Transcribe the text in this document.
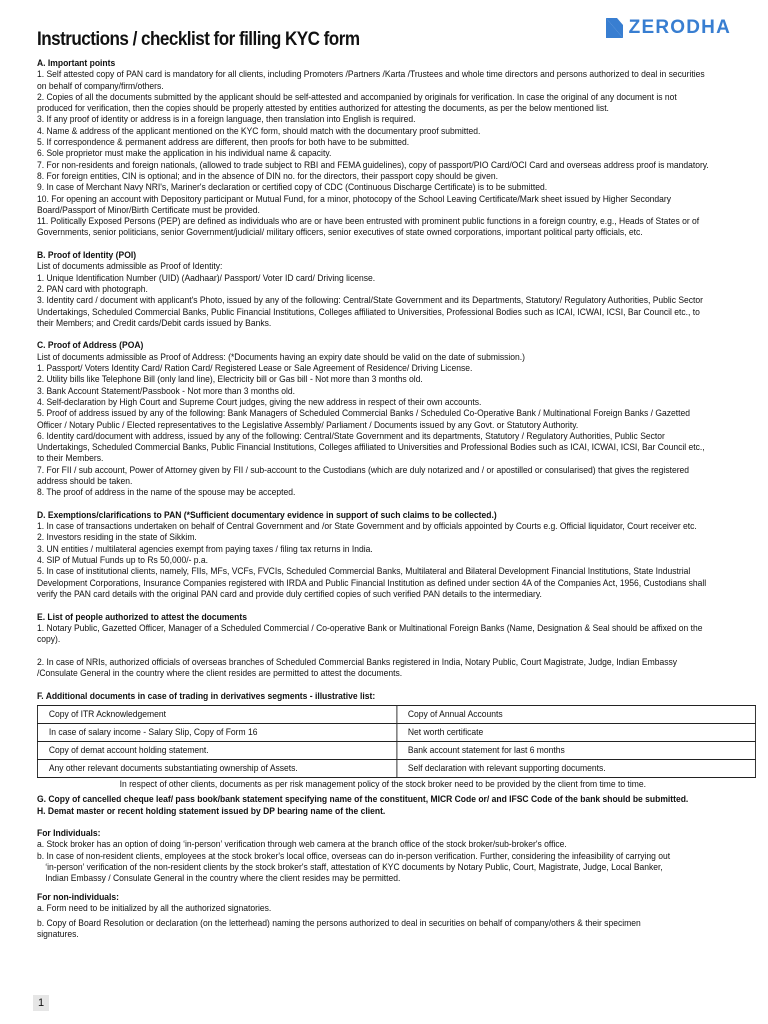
ZERODHA
Instructions / checklist for filling KYC form

A. Important points

1. Self attested copy of PAN card is mandatory for all clients, including Promoters /Partners /Karta /Trustees and whole time directors and persons authorized to deal in securities

on behalf of company/firm/others.

2. Copies of all the documents submitted by the applicant should be self-attested and accompanied by originals for verification. In case the original of any document is not

produced for verification, then the copies should be properly attested by entities authorized for attesting the documents, as per the below mentioned list.

3. If any proof of identity or address is in a foreign language, then translation into English is required.

4. Name & address of the applicant mentioned on the KYC form, should match with the documentary proof submitted.

5. If correspondence & permanent address are different, then proofs for both have to be submitted.

6. Sole proprietor must make the application in his individual name & capacity.

7. For non-residents and foreign nationals, (allowed to trade subject to RBI and FEMA guidelines), copy of passport/PIO Card/OCI Card and overseas address proof is mandatory.

8. For foreign entities, CIN is optional; and in the absence of DIN no. for the directors, their passport copy should be given.

9. In case of Merchant Navy NRI's, Mariner's declaration or certified copy of CDC (Continuous Discharge Certificate) is to be submitted.

10. For opening an account with Depository participant or Mutual Fund, for a minor, photocopy of the School Leaving Certificate/Mark sheet issued by Higher Secondary

Board/Passport of Minor/Birth Certificate must be provided.

11. Politically Exposed Persons (PEP) are defined as individuals who are or have been entrusted with prominent public functions in a foreign country, e.g., Heads of States or of

Governments, senior politicians, senior Government/judicial/ military officers, senior executives of state owned corporations, important political party officials, etc.

B. Proof of Identity (POI)

List of documents admissible as Proof of Identity:

1. Unique Identification Number (UID) (Aadhaar)/ Passport/ Voter ID card/ Driving license.

2. PAN card with photograph.

3. Identity card / document with applicant's Photo, issued by any of the following: Central/State Government and its Departments, Statutory/ Regulatory Authorities, Public Sector

Undertakings, Scheduled Commercial Banks, Public Financial Institutions, Colleges affiliated to Universities, Professional Bodies such as ICAI, ICWAI, ICSI, Bar Council etc., to

their Members; and Credit cards/Debit cards issued by Banks.

C. Proof of Address (POA)

List of documents admissible as Proof of Address: (*Documents having an expiry date should be valid on the date of submission.)

1. Passport/ Voters Identity Card/ Ration Card/ Registered Lease or Sale Agreement of Residence/ Driving License.

2. Utility bills like Telephone Bill (only land line), Electricity bill or Gas bill - Not more than 3 months old.

3. Bank Account Statement/Passbook - Not more than 3 months old.

4. Self-declaration by High Court and Supreme Court judges, giving the new address in respect of their own accounts.

5. Proof of address issued by any of the following: Bank Managers of Scheduled Commercial Banks / Scheduled Co-Operative Bank / Multinational Foreign Banks / Gazetted

Officer / Notary Public / Elected representatives to the Legislative Assembly/ Parliament / Documents issued by any Govt. or Statutory Authority.

6. Identity card/document with address, issued by any of the following: Central/State Government and its departments, Statutory / Regulatory Authorities, Public Sector

Undertakings, Scheduled Commercial Banks, Public Financial Institutions, Colleges affiliated to Universities and Professional Bodies such as ICAI, ICWAI, ICSI, Bar Council etc.,

to their Members.

7. For FII / sub account, Power of Attorney given by FII / sub-account to the Custodians (which are duly notarized and / or apostilled or consularised) that gives the registered

address should be taken.

8. The proof of address in the name of the spouse may be accepted.

D. Exemptions/clarifications to PAN (*Sufficient documentary evidence in support of such claims to be collected.)

1. In case of transactions undertaken on behalf of Central Government and /or State Government and by officials appointed by Courts e.g. Official liquidator, Court receiver etc.

2. Investors residing in the state of Sikkim.

3. UN entities / multilateral agencies exempt from paying taxes / filing tax returns in India.

4. SIP of Mutual Funds up to Rs 50,000/- p.a.

5. In case of institutional clients, namely, FIIs, MFs, VCFs, FVCIs, Scheduled Commercial Banks, Multilateral and Bilateral Development Financial Institutions, State Industrial

Development Corporations, Insurance Companies registered with IRDA and Public Financial Institution as defined under section 4A of the Companies Act, 1956, Custodians shall

verify the PAN card details with the original PAN card and provide duly certified copies of such verified PAN details to the intermediary.

E. List of people authorized to attest the documents

1. Notary Public, Gazetted Officer, Manager of a Scheduled Commercial / Co-operative Bank or Multinational Foreign Banks (Name, Designation & Seal should be affixed on the

copy).

2. In case of NRIs, authorized officials of overseas branches of Scheduled Commercial Banks registered in India, Notary Public, Court Magistrate, Judge, Indian Embassy

/Consulate General in the country where the client resides are permitted to attest the documents.

F. Additional documents in case of trading in derivatives segments - illustrative list:

Copy of ITR Acknowledgement	Copy of Annual Accounts
In case of salary income - Salary Slip, Copy of Form 16	Net worth certificate
Copy of demat account holding statement.	Bank account statement for last 6 months
Any other relevant documents substantiating ownership of Assets.	Self declaration with relevant supporting documents.

In respect of other clients, documents as per risk management policy of the stock broker need to be provided by the client from time to time.

G. Copy of cancelled cheque leaf/ pass book/bank statement specifying name of the constituent, MICR Code or/ and IFSC Code of the bank should be submitted.

H. Demat master or recent holding statement issued by DP bearing name of the client.

For Individuals:

a. Stock broker has an option of doing ‘in-person’ verification through web camera at the branch office of the stock broker/sub-broker's office.

b. In case of non-resident clients, employees at the stock broker's local office, overseas can do in-person verification. Further, considering the infeasibility of carrying out

‘in-person’ verification of the non-resident clients by the stock broker's staff, attestation of KYC documents by Notary Public, Court, Magistrate, Judge, Local Banker,

Indian Embassy / Consulate General in the country where the client resides may be permitted.

For non-individuals:

a. Form need to be initialized by all the authorized signatories.

b. Copy of Board Resolution or declaration (on the letterhead) naming the persons authorized to deal in securities on behalf of company/others & their specimen

signatures.

1
